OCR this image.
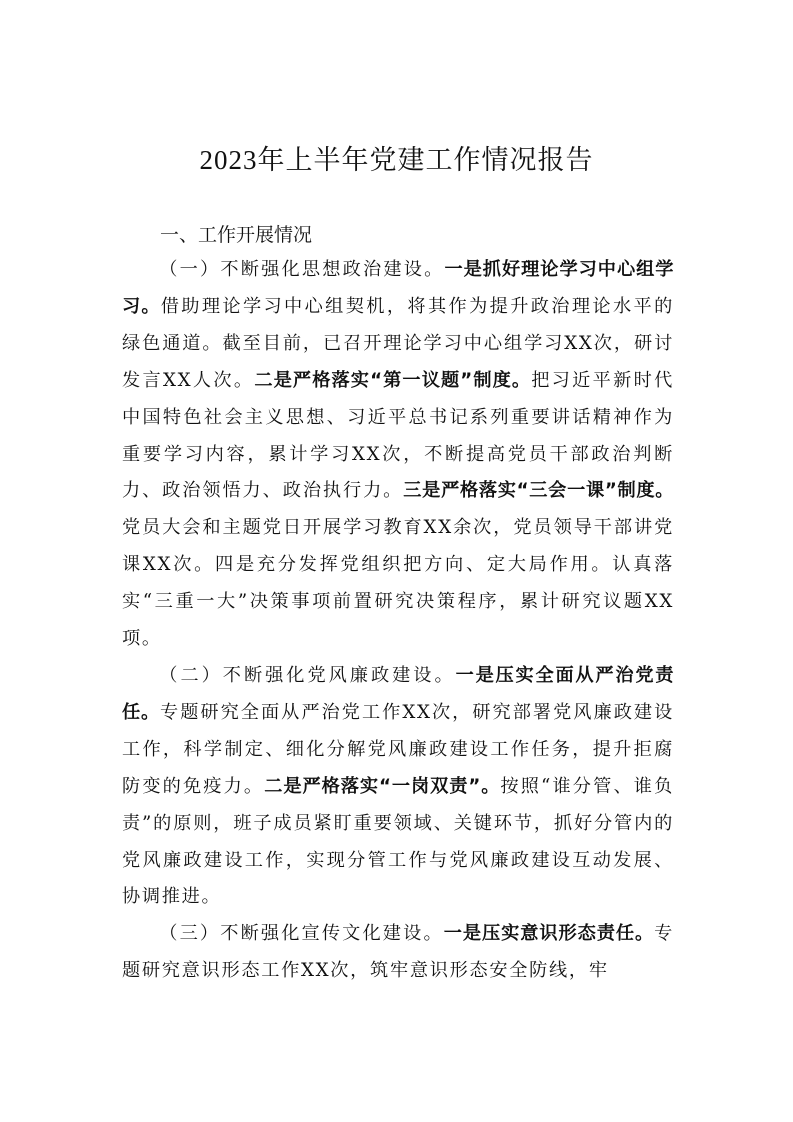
2023年上半年党建工作情况报告
一、工作开展情况

（一）不断强化思想政治建设。一是抓好理论学习中心组学习。借助理论学习中心组契机，将其作为提升政治理论水平的绿色通道。截至目前，已召开理论学习中心组学习XX次，研讨发言XX人次。二是严格落实“第一议题”制度。把习近平新时代中国特色社会主义思想、习近平总书记系列重要讲话精神作为重要学习内容，累计学习XX次，不断提高党员干部政治判断力、政治领悟力、政治执行力。三是严格落实“三会一课”制度。党员大会和主题党日开展学习教育XX余次，党员领导干部讲党课XX次。四是充分发挥党组织把方向、定大局作用。认真落实“三重一大”决策事项前置研究决策程序，累计研究议题XX项。

（二）不断强化党风廉政建设。一是压实全面从严治党责任。专题研究全面从严治党工作XX次，研究部署党风廉政建设工作，科学制定、细化分解党风廉政建设工作任务，提升拒腐防变的免疫力。二是严格落实“一岗双责”。按照“谁分管、谁负责”的原则，班子成员紧盯重要领域、关键环节，抓好分管内的党风廉政建设工作，实现分管工作与党风廉政建设互动发展、协调推进。

（三）不断强化宣传文化建设。一是压实意识形态责任。专题研究意识形态工作XX次，筑牢意识形态安全防线，牢
